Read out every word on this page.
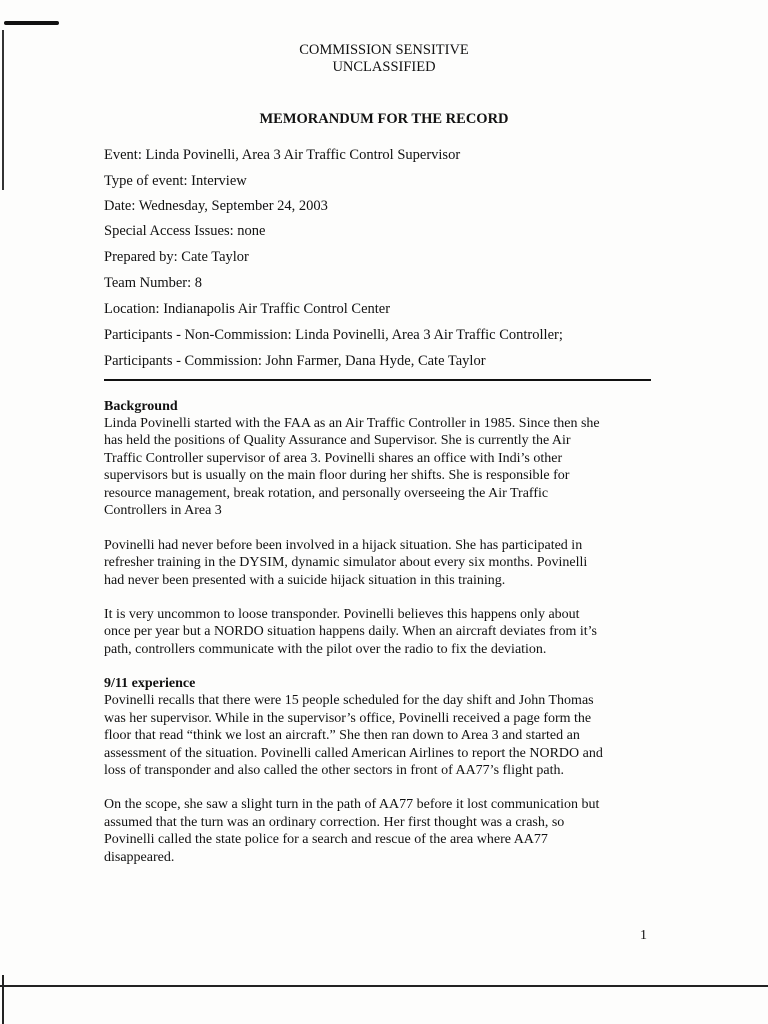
COMMISSION SENSITIVE
UNCLASSIFIED
MEMORANDUM FOR THE RECORD
Event: Linda Povinelli, Area 3 Air Traffic Control Supervisor
Type of event: Interview
Date: Wednesday, September 24, 2003
Special Access Issues: none
Prepared by: Cate Taylor
Team Number: 8
Location: Indianapolis Air Traffic Control Center
Participants - Non-Commission: Linda Povinelli, Area 3 Air Traffic Controller;
Participants - Commission: John Farmer, Dana Hyde, Cate Taylor
Background
Linda Povinelli started with the FAA as an Air Traffic Controller in 1985. Since then she
has held the positions of Quality Assurance and Supervisor. She is currently the Air
Traffic Controller supervisor of area 3. Povinelli shares an office with Indi’s other
supervisors but is usually on the main floor during her shifts. She is responsible for
resource management, break rotation, and personally overseeing the Air Traffic
Controllers in Area 3
Povinelli had never before been involved in a hijack situation. She has participated in
refresher training in the DYSIM, dynamic simulator about every six months. Povinelli
had never been presented with a suicide hijack situation in this training.
It is very uncommon to loose transponder. Povinelli believes this happens only about
once per year but a NORDO situation happens daily. When an aircraft deviates from it’s
path, controllers communicate with the pilot over the radio to fix the deviation.
9/11 experience
Povinelli recalls that there were 15 people scheduled for the day shift and John Thomas
was her supervisor. While in the supervisor’s office, Povinelli received a page form the
floor that read “think we lost an aircraft.” She then ran down to Area 3 and started an
assessment of the situation. Povinelli called American Airlines to report the NORDO and
loss of transponder and also called the other sectors in front of AA77’s flight path.
On the scope, she saw a slight turn in the path of AA77 before it lost communication but
assumed that the turn was an ordinary correction. Her first thought was a crash, so
Povinelli called the state police for a search and rescue of the area where AA77
disappeared.
1
